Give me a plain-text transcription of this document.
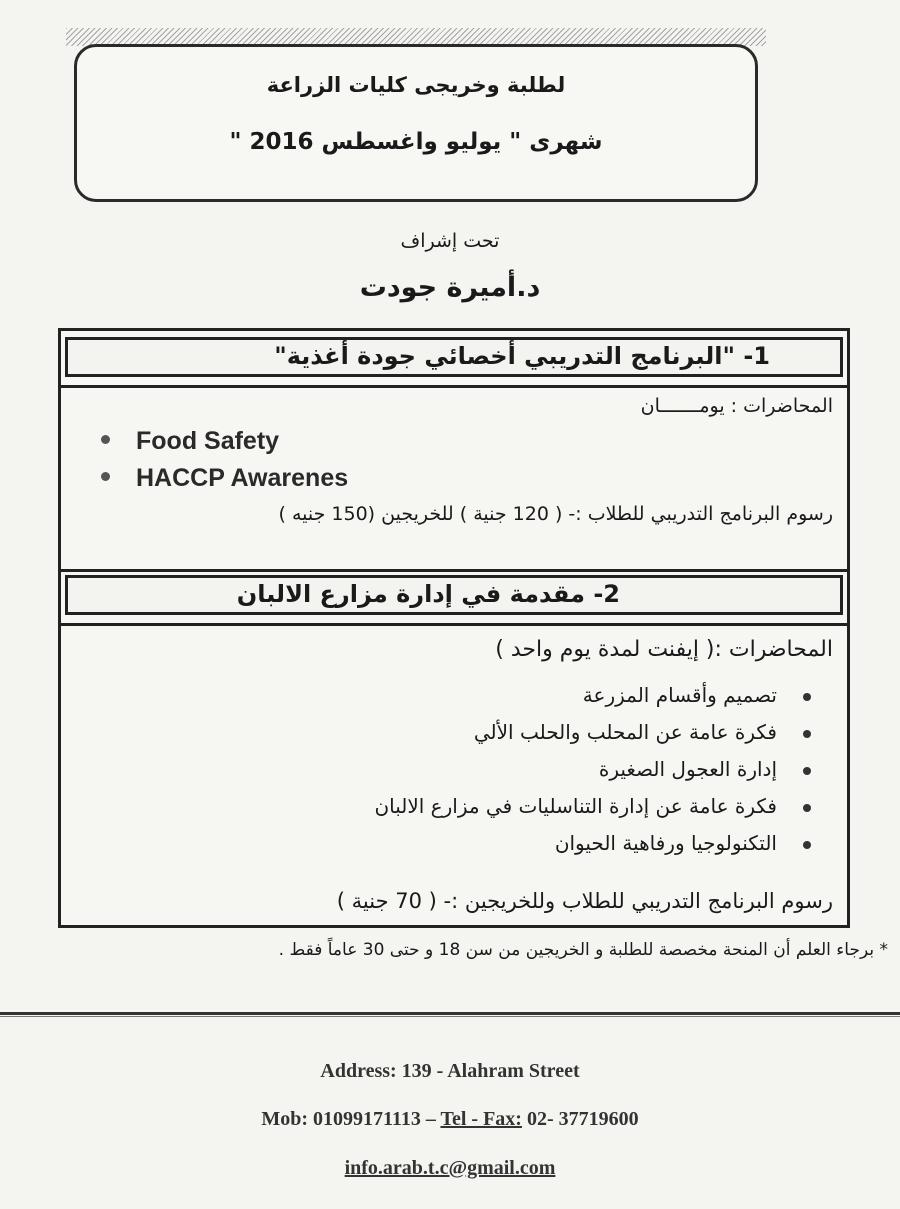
لطلبة وخريجى كليات الزراعة
شهرى " يوليو واغسطس 2016 "
تحت إشراف
د.أميرة جودت
1- "البرنامج التدريبي أخصائي جودة أغذية"
المحاضرات : يومـــــــان
Food Safety
HACCP Awarenes
رسوم البرنامج التدريبي للطلاب :- ( 120 جنية ) للخريجين (150 جنيه )
2- مقدمة في إدارة مزارع الالبان
المحاضرات :( إيفنت لمدة يوم واحد )
تصميم وأقسام المزرعة
فكرة عامة عن المحلب والحلب الألي
إدارة العجول الصغيرة
فكرة عامة عن إدارة التناسليات في مزارع الالبان
التكنولوجيا ورفاهية الحيوان
رسوم البرنامج التدريبي للطلاب وللخريجين :- ( 70 جنية )
* برجاء العلم أن المنحة مخصصة للطلبة و الخريجين من سن 18 و حتى 30 عاماً فقط .
Address: 139 - Alahram Street
Mob: 01099171113 – Tel - Fax: 02- 37719600
info.arab.t.c@gmail.com
